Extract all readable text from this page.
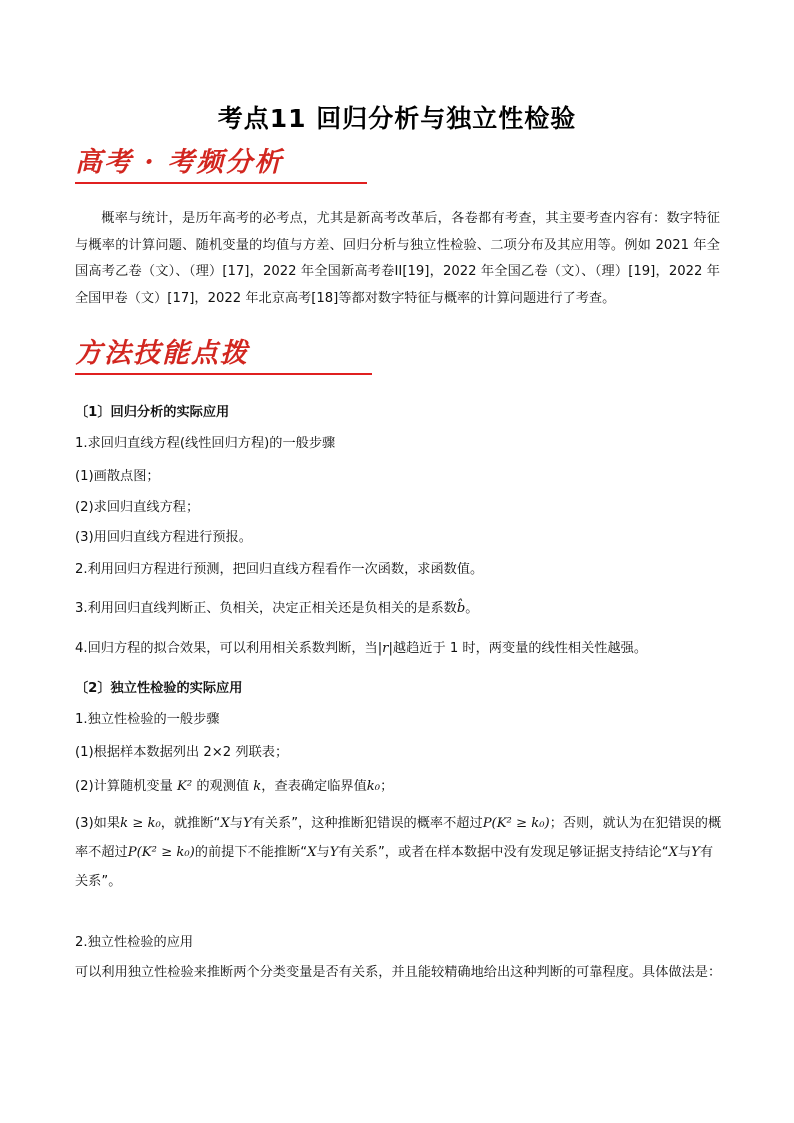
考点11 回归分析与独立性检验
高考 · 考频分析
概率与统计，是历年高考的必考点，尤其是新高考改革后，各卷都有考查，其主要考查内容有：数字特征与概率的计算问题、随机变量的均值与方差、回归分析与独立性检验、二项分布及其应用等。例如 2021 年全国高考乙卷（文）、（理）[17]，2022 年全国新高考卷II[19]，2022 年全国乙卷（文）、（理）[19]，2022 年全国甲卷（文）[17]，2022 年北京高考[18]等都对数字特征与概率的计算问题进行了考查。
方法技能点拨
〔1〕回归分析的实际应用
1.求回归直线方程(线性回归方程)的一般步骤
(1)画散点图；
(2)求回归直线方程；
(3)用回归直线方程进行预报。
2.利用回归方程进行预测，把回归直线方程看作一次函数，求函数值。
3.利用回归直线判断正、负相关，决定正相关还是负相关的是系数b̂。
4.回归方程的拟合效果，可以利用相关系数判断，当|r|越趋近于 1 时，两变量的线性相关性越强。
〔2〕独立性检验的实际应用
1.独立性检验的一般步骤
(1)根据样本数据列出 2×2 列联表；
(2)计算随机变量 K² 的观测值 k，查表确定临界值k₀；
(3)如果k ≥ k₀，就推断“X与Y有关系”，这种推断犯错误的概率不超过P(K² ≥ k₀)；否则，就认为在犯错误的概率不超过P(K² ≥ k₀)的前提下不能推断“X与Y有关系”，或者在样本数据中没有发现足够证据支持结论“X与Y有关系”。
2.独立性检验的应用
可以利用独立性检验来推断两个分类变量是否有关系，并且能较精确地给出这种判断的可靠程度。具体做法是：
